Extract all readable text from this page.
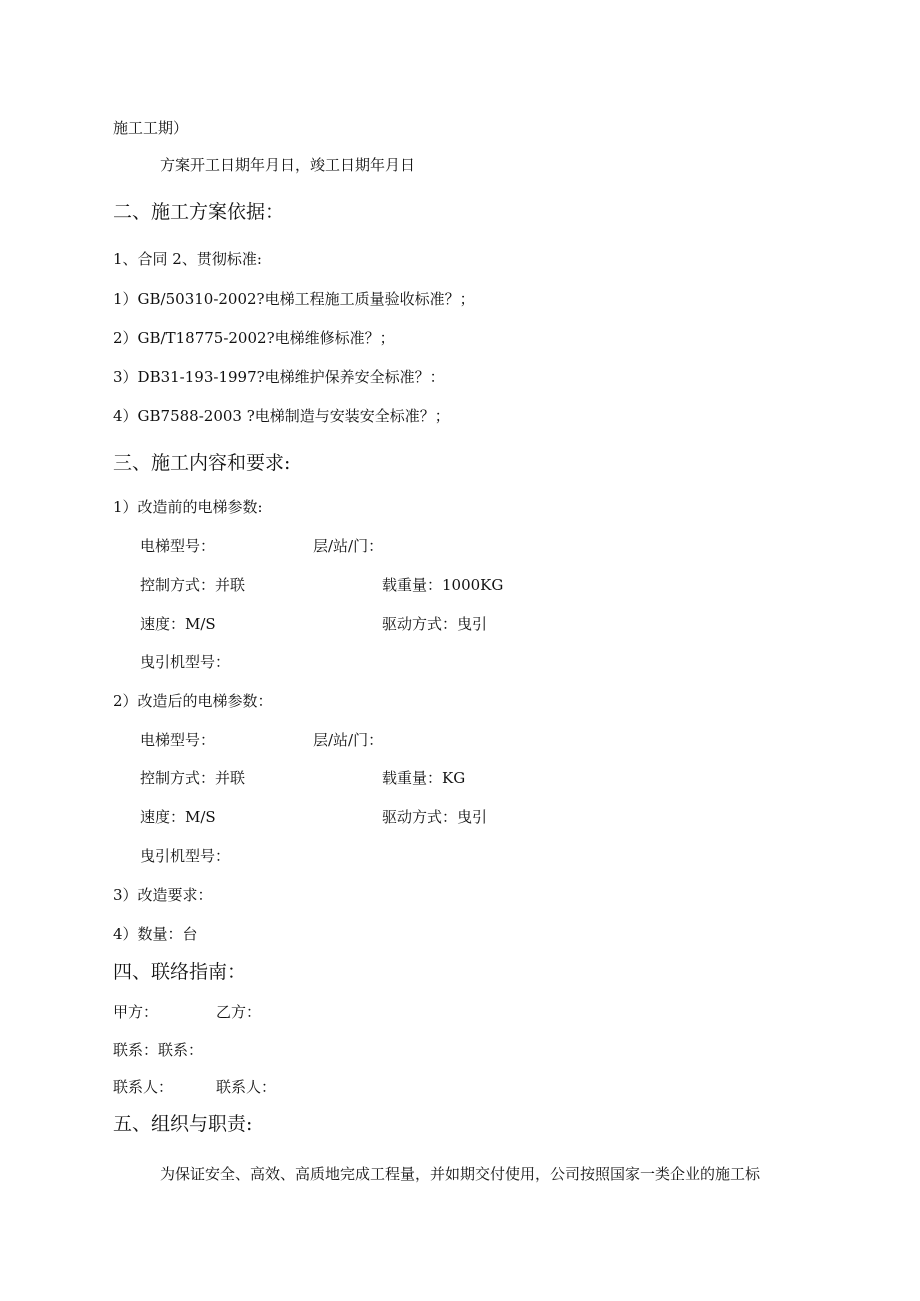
施工工期）
方案开工日期年月日，竣工日期年月日
二、施工方案依据：
1、合同 2、贯彻标准:
1）GB/50310-2002?电梯工程施工质量验收标准？；
2）GB/T18775-2002?电梯维修标准？；
3）DB31-193-1997?电梯维护保养安全标准？：
4）GB7588-2003 ?电梯制造与安装安全标准？；
三、施工内容和要求:
1）改造前的电梯参数:
电梯型号：	层/站/门：
控制方式：并联	载重量：1000KG
速度：M/S	驱动方式：曳引
曳引机型号：
2）改造后的电梯参数：
电梯型号：	层/站/门：
控制方式：并联	载重量：KG
速度：M/S	驱动方式：曳引
曳引机型号：
3）改造要求：
4）数量：台
四、联络指南：
甲方：	乙方：
联系：联系：
联系人：	联系人：
五、组织与职责:
为保证安全、高效、高质地完成工程量，并如期交付使用，公司按照国家一类企业的施工标
